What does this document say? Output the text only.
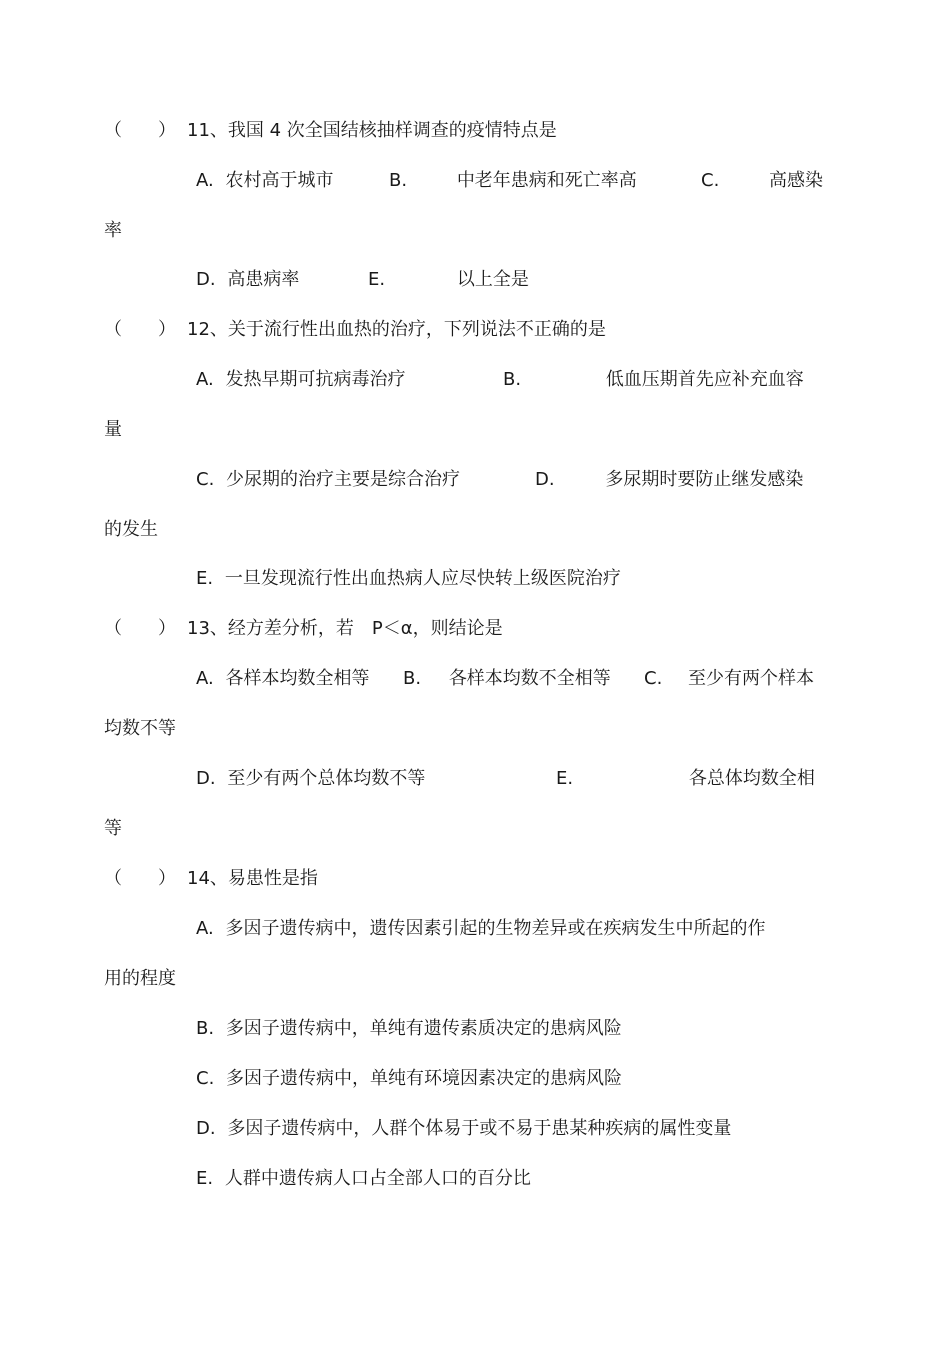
（　　） 11、我国 4 次全国结核抽样调查的疫情特点是
A. 农村高于城市	B.	中老年患病和死亡率高	C.	高感染
率
D. 高患病率	E.	以上全是
（　　） 12、关于流行性出血热的治疗，下列说法不正确的是
A. 发热早期可抗病毒治疗	B.	低血压期首先应补充血容
量
C. 少尿期的治疗主要是综合治疗	D.	多尿期时要防止继发感染
的发生
E. 一旦发现流行性出血热病人应尽快转上级医院治疗
（　　） 13、经方差分析，若　P＜α，则结论是
A. 各样本均数全相等 B. 各样本均数不全相等 C. 至少有两个样本
均数不等
D. 至少有两个总体均数不等	E.	各总体均数全相
等
（　　） 14、易患性是指
A. 多因子遗传病中，遗传因素引起的生物差异或在疾病发生中所起的作
用的程度
B. 多因子遗传病中，单纯有遗传素质决定的患病风险
C. 多因子遗传病中，单纯有环境因素决定的患病风险
D. 多因子遗传病中，人群个体易于或不易于患某种疾病的属性变量
E. 人群中遗传病人口占全部人口的百分比
